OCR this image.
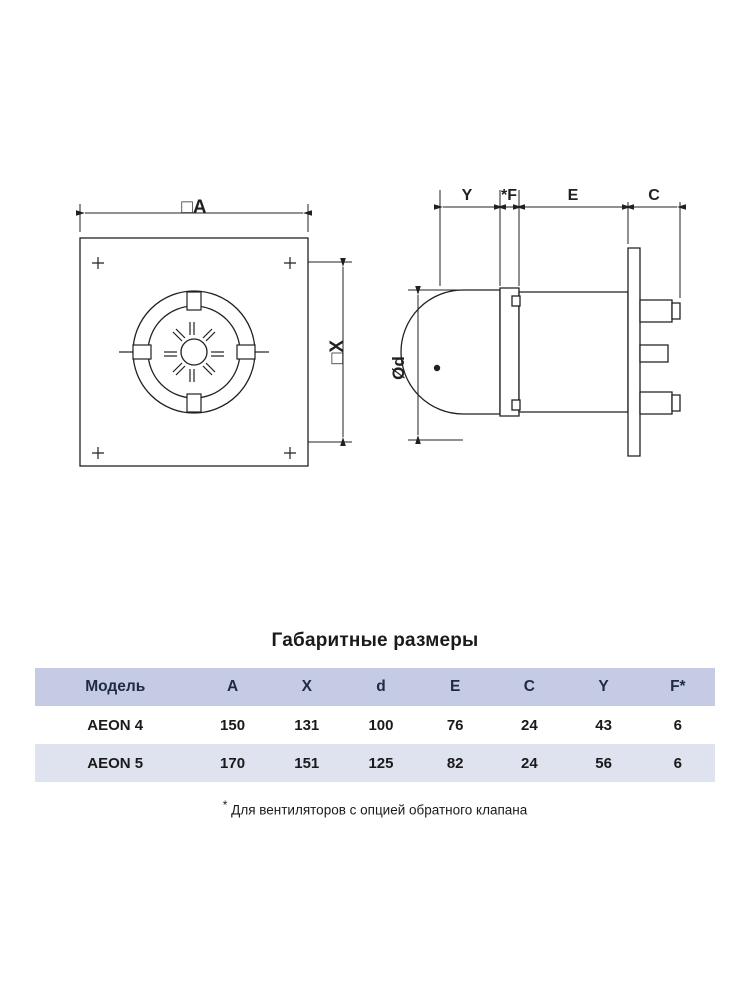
□A
□X
Ød
Y *F	E	C
Габаритные размеры
Модель	A	X	d	E	C	Y	F*
AEON 4	150	131	100	76	24	43	6
AEON 5	170	151	125	82	24	56	6
* Для вентиляторов с опцией обратного клапана
